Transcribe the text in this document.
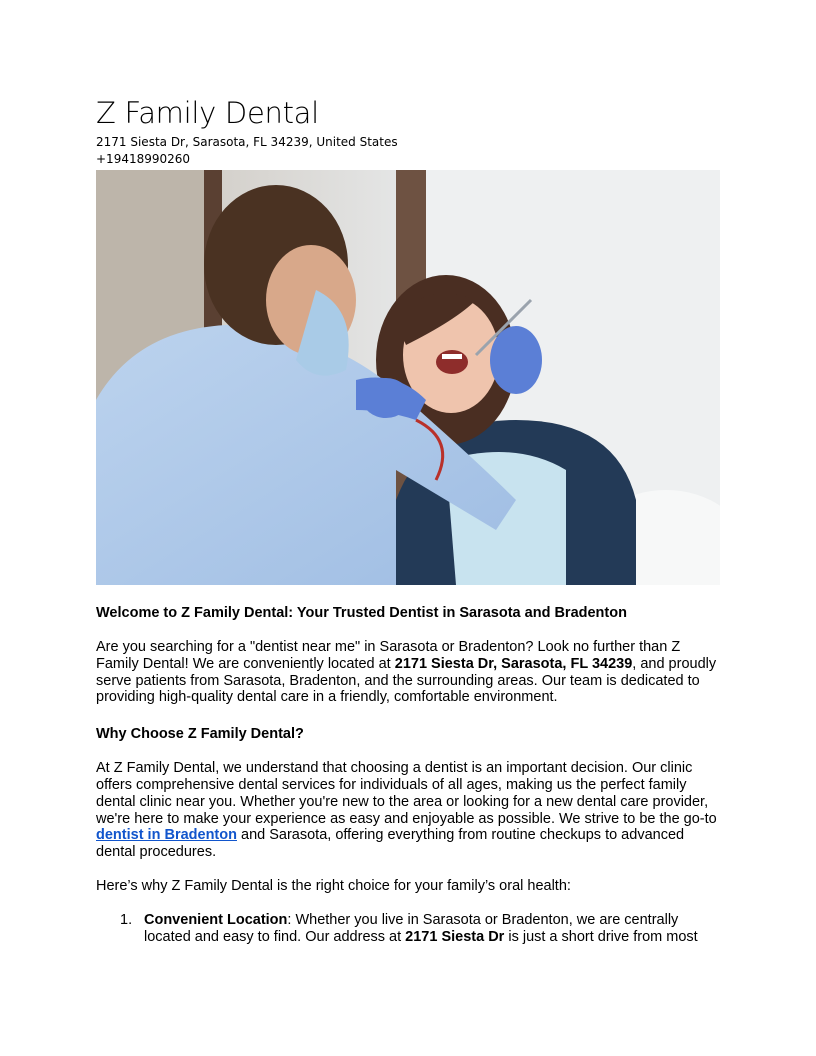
Z Family Dental
2171 Siesta Dr, Sarasota, FL 34239, United States
+19418990260
Welcome to Z Family Dental: Your Trusted Dentist in Sarasota and Bradenton

Are you searching for a "dentist near me" in Sarasota or Bradenton? Look no further than Z Family Dental! We are conveniently located at 2171 Siesta Dr, Sarasota, FL 34239, and proudly serve patients from Sarasota, Bradenton, and the surrounding areas. Our team is dedicated to providing high-quality dental care in a friendly, comfortable environment.

Why Choose Z Family Dental?

At Z Family Dental, we understand that choosing a dentist is an important decision. Our clinic offers comprehensive dental services for individuals of all ages, making us the perfect family dental clinic near you. Whether you're new to the area or looking for a new dental care provider, we're here to make your experience as easy and enjoyable as possible. We strive to be the go-to dentist in Bradenton and Sarasota, offering everything from routine checkups to advanced dental procedures.

Here’s why Z Family Dental is the right choice for your family’s oral health:

1. Convenient Location: Whether you live in Sarasota or Bradenton, we are centrally located and easy to find. Our address at 2171 Siesta Dr is just a short drive from most
